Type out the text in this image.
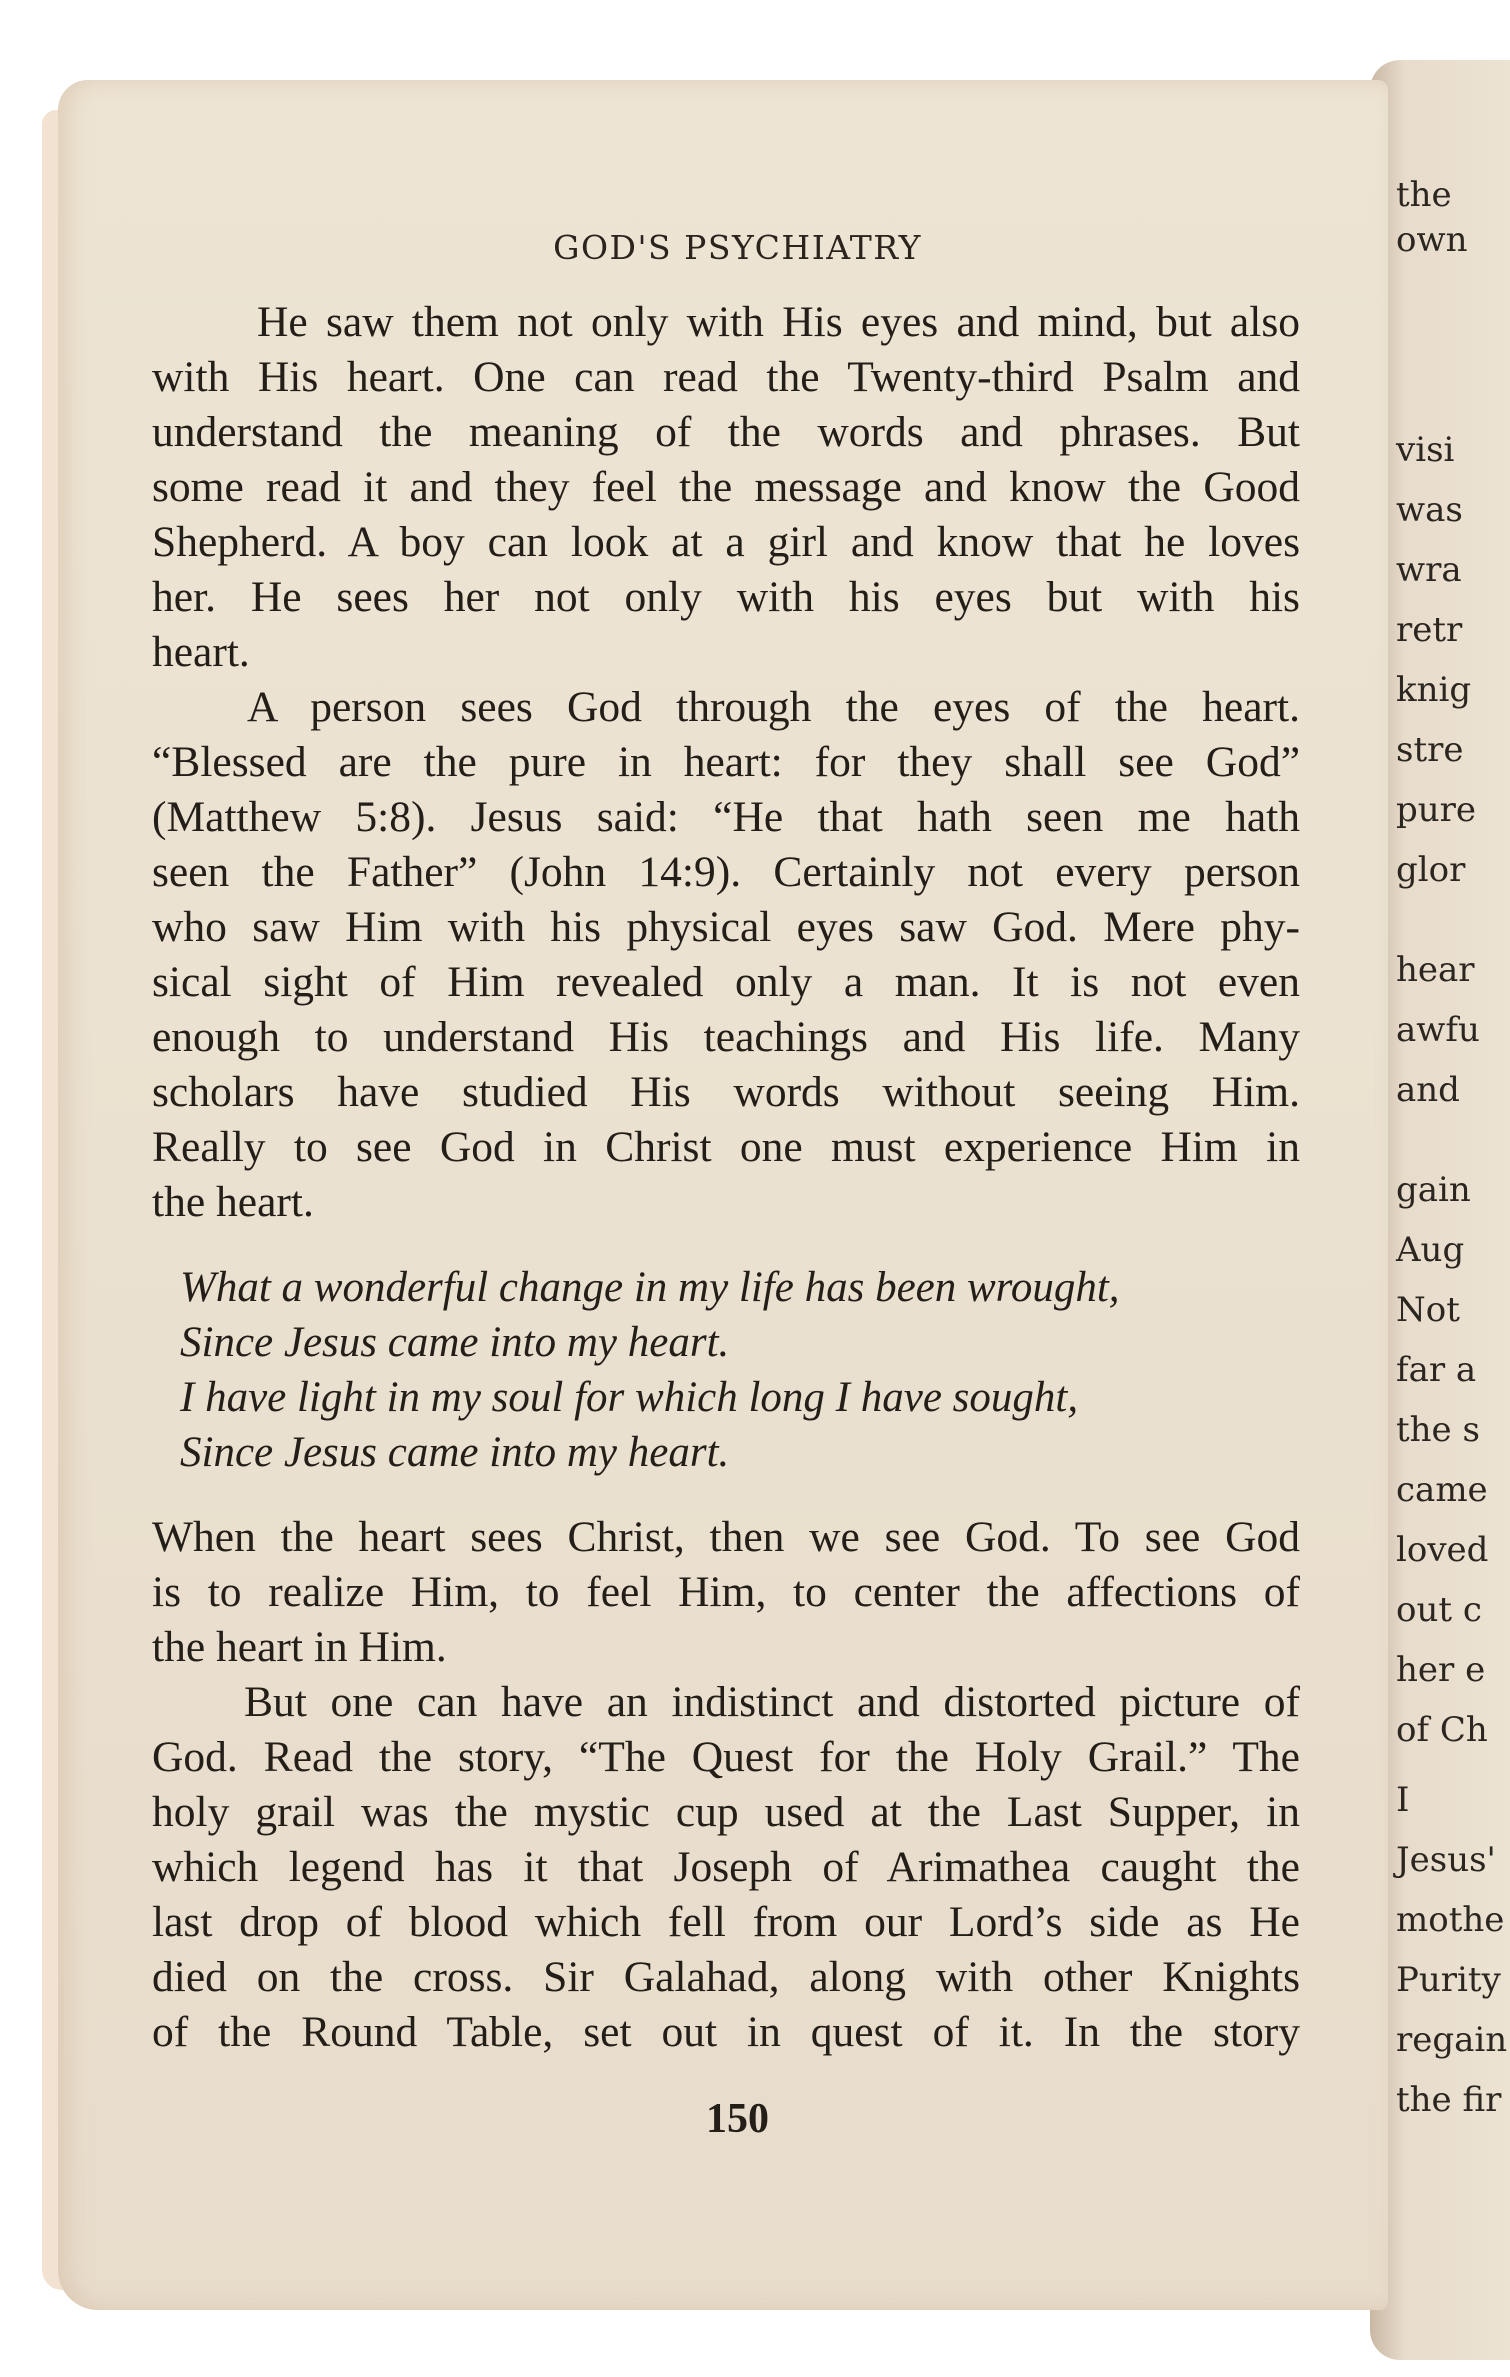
the
own
visi
was
wra
retr
knig
stre
pure
glor
hear
awfu
and
gain
Aug
Not
far a
the s
came
loved
out c
her e
of Ch
I
Jesus'
mothe
Purity
regain
the fir
GOD'S PSYCHIATRY

He saw them not only with His eyes and mind, but also
with His heart. One can read the Twenty-third Psalm and
understand the meaning of the words and phrases. But
some read it and they feel the message and know the Good
Shepherd. A boy can look at a girl and know that he loves
her. He sees her not only with his eyes but with his
heart.

A person sees God through the eyes of the heart.
“Blessed are the pure in heart: for they shall see God”
(Matthew 5:8). Jesus said: “He that hath seen me hath
seen the Father” (John 14:9). Certainly not every person
who saw Him with his physical eyes saw God. Mere phy-
sical sight of Him revealed only a man. It is not even
enough to understand His teachings and His life. Many
scholars have studied His words without seeing Him.
Really to see God in Christ one must experience Him in
the heart.

What a wonderful change in my life has been wrought,
Since Jesus came into my heart.
I have light in my soul for which long I have sought,
Since Jesus came into my heart.

When the heart sees Christ, then we see God. To see God
is to realize Him, to feel Him, to center the affections of
the heart in Him.

But one can have an indistinct and distorted picture of
God. Read the story, “The Quest for the Holy Grail.” The
holy grail was the mystic cup used at the Last Supper, in
which legend has it that Joseph of Arimathea caught the
last drop of blood which fell from our Lord’s side as He
died on the cross. Sir Galahad, along with other Knights
of the Round Table, set out in quest of it. In the story

150
